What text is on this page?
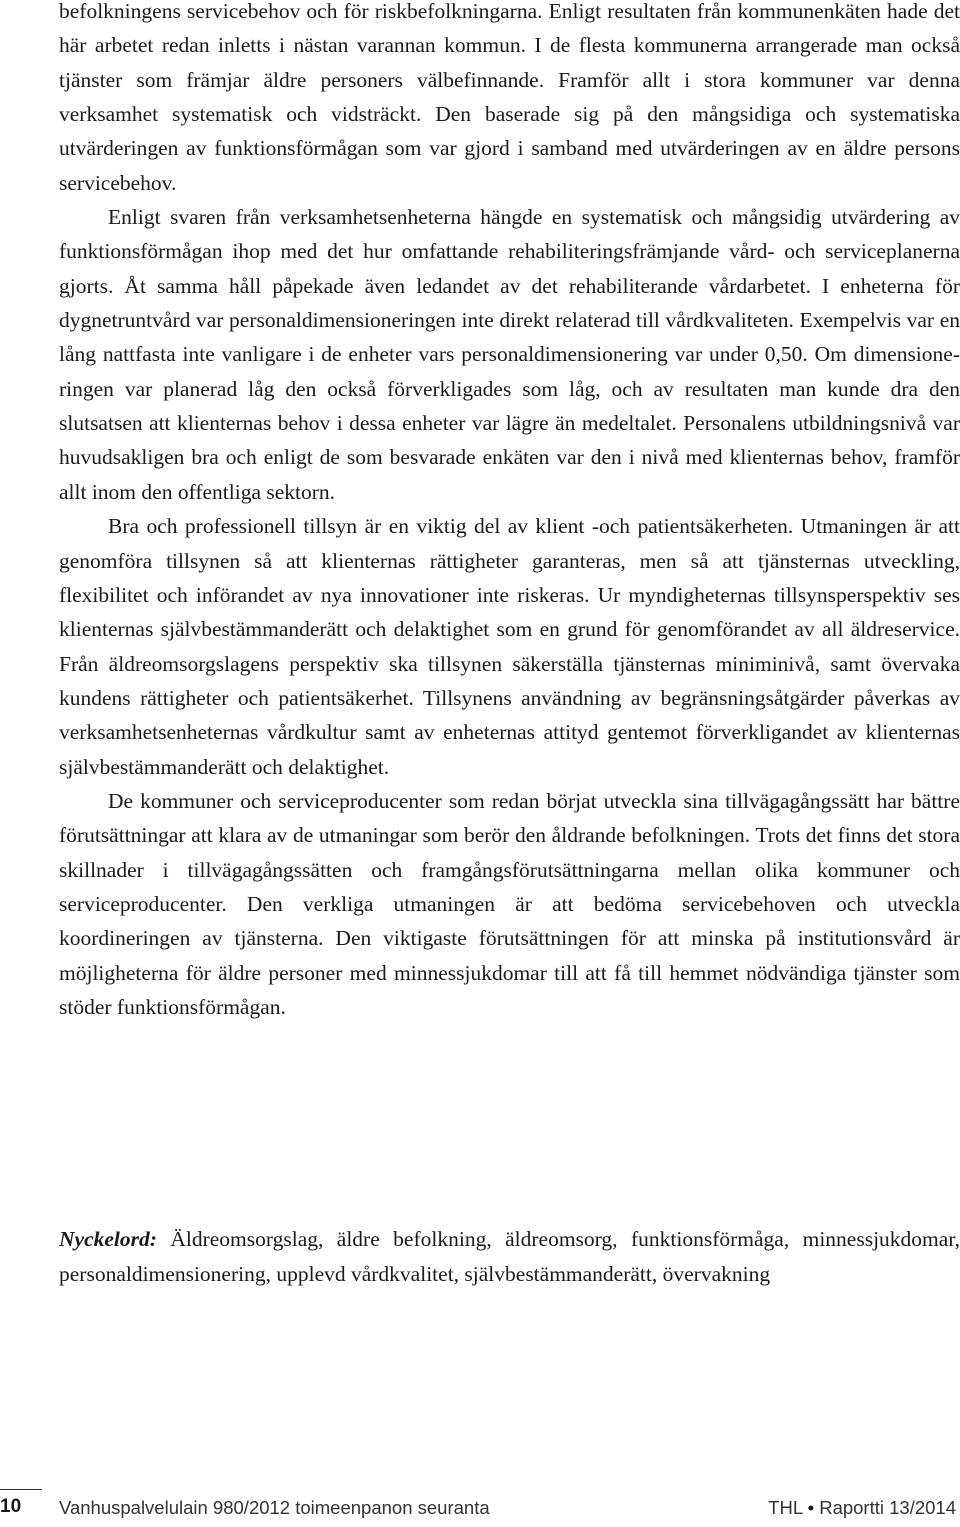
befolkningens servicebehov och för riskbefolkningarna. Enligt resultaten från kommunenkäten hade det här arbetet redan inletts i nästan varannan kommun. I de flesta kommunerna arrangerade man också tjänster som främjar äldre personers välbefinnande. Framför allt i stora kommuner var denna verksamhet systematisk och vidsträckt. Den baserade sig på den mångsidiga och systematiska utvärderingen av funktionsförmågan som var gjord i samband med utvärderingen av en äldre persons servicebehov.

Enligt svaren från verksamhetsenheterna hängde en systematisk och mångsidig utvärdering av funktionsförmågan ihop med det hur omfattande rehabiliteringsfrämjande vård- och serviceplanerna gjorts. Åt samma håll påpekade även ledandet av det rehabiliterande vårdarbetet. I enheterna för dygnetruntvård var personaldimensioneringen inte direkt relaterad till vårdkvaliteten. Exempelvis var en lång nattfasta inte vanligare i de enheter vars personaldimensionering var under 0,50. Om dimensioneringen var planerad låg den också förverkligades som låg, och av resultaten man kunde dra den slutsatsen att klienternas behov i dessa enheter var lägre än medeltalet. Personalens utbildningsnivå var huvudsakligen bra och enligt de som besvarade enkäten var den i nivå med klienternas behov, framför allt inom den offentliga sektorn.

Bra och professionell tillsyn är en viktig del av klient -och patientsäkerheten. Utmaningen är att genomföra tillsynen så att klienternas rättigheter garanteras, men så att tjänsternas utveckling, flexibilitet och införandet av nya innovationer inte riskeras. Ur myndigheternas tillsynsperspektiv ses klienternas självbestämmanderätt och delaktighet som en grund för genomförandet av all äldreservice. Från äldreomsorgslagens perspektiv ska tillsynen säkerställa tjänsternas miniminivå, samt övervaka kundens rättigheter och patientsäkerhet. Tillsynens användning av begränsningsåtgärder påverkas av verksamhetsenheternas vårdkultur samt av enheternas attityd gentemot förverkligandet av klienternas självbestämmanderätt och delaktighet.

De kommuner och serviceproducenter som redan börjat utveckla sina tillvägagångssätt har bättre förutsättningar att klara av de utmaningar som berör den åldrande befolkningen. Trots det finns det stora skillnader i tillvägagångssätten och framgångsförutsättningarna mellan olika kommuner och serviceproducenter. Den verkliga utmaningen är att bedöma servicebehoven och utveckla koordineringen av tjänsterna. Den viktigaste förutsättningen för att minska på institutionsvård är möjligheterna för äldre personer med minnessjukdomar till att få till hemmet nödvändiga tjänster som stöder funktionsförmågan.

Nyckelord: Äldreomsorgslag, äldre befolkning, äldreomsorg, funktionsförmåga, minnessjukdomar, personaldimensionering, upplevd vårdkvalitet, självbestämmanderätt, övervakning

10 Vanhuspalvelulain 980/2012 toimeenpanon seuranta	THL • Raportti 13/2014
